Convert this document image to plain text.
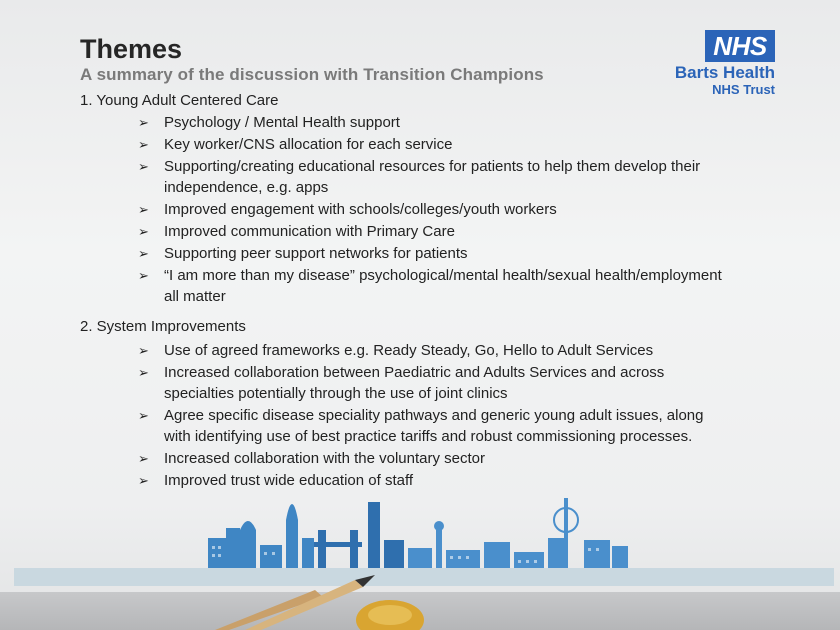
Themes
A summary of the discussion with Transition Champions
NHS
Barts Health
NHS Trust
1. Young Adult Centered Care
➢ Psychology / Mental Health support
➢ Key worker/CNS allocation for each service
➢ Supporting/creating educational resources for patients to help them develop their independence, e.g. apps
➢ Improved engagement with schools/colleges/youth workers
➢ Improved communication with Primary Care
➢ Supporting peer support networks for patients
➢ “I am more than my disease” psychological/mental health/sexual health/employment all matter
2. System Improvements
➢ Use of agreed frameworks e.g. Ready Steady, Go, Hello to Adult Services
➢ Increased collaboration between Paediatric and Adults Services and across specialties potentially through the use of joint clinics
➢ Agree specific disease speciality pathways and generic young adult issues, along with identifying use of best practice tariffs and robust commissioning processes.
➢ Increased collaboration with the voluntary sector
➢ Improved trust wide education of staff
